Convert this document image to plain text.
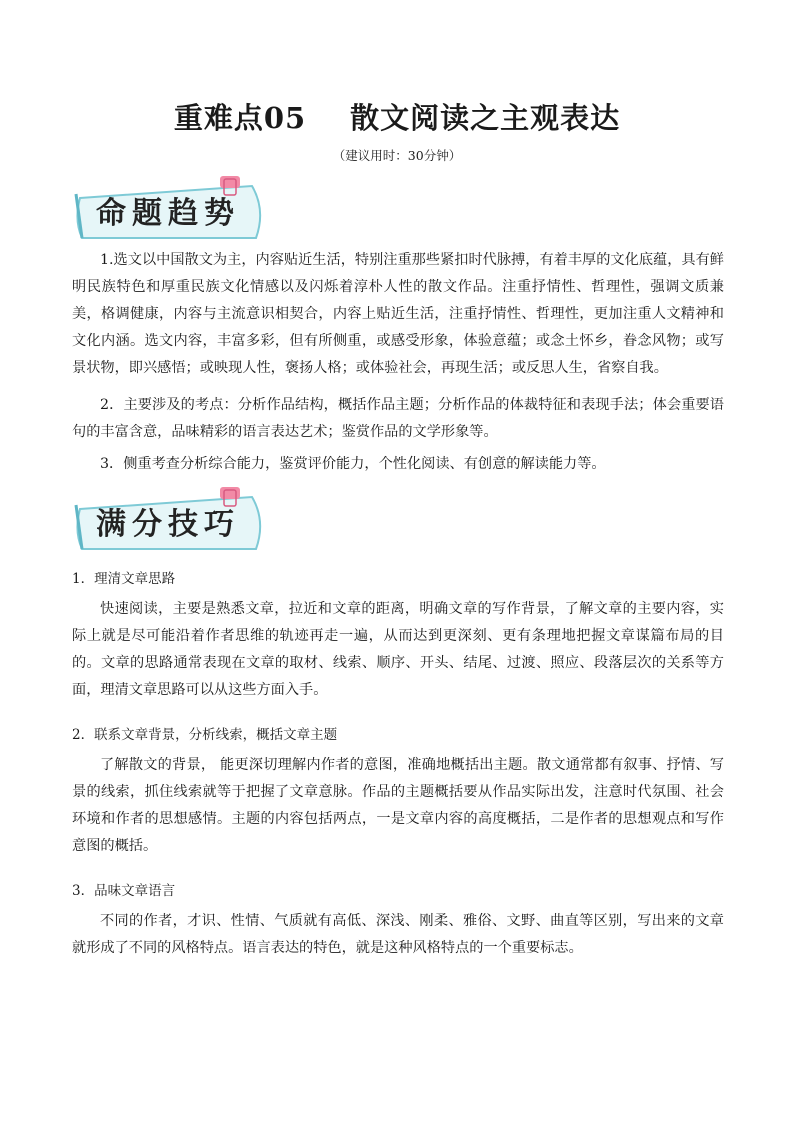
重难点05 散文阅读之主观表达
（建议用时：30分钟）
命题趋势
1.选文以中国散文为主，内容贴近生活，特别注重那些紧扣时代脉搏，有着丰厚的文化底蕴，具有鲜明民族特色和厚重民族文化情感以及闪烁着淳朴人性的散文作品。注重抒情性、哲理性，强调文质兼美，格调健康，内容与主流意识相契合，内容上贴近生活，注重抒情性、哲理性，更加注重人文精神和文化内涵。选文内容，丰富多彩，但有所侧重，或感受形象，体验意蕴；或念土怀乡，眷念风物；或写景状物，即兴感悟；或映现人性，褒扬人格；或体验社会，再现生活；或反思人生，省察自我。
2．主要涉及的考点：分析作品结构，概括作品主题；分析作品的体裁特征和表现手法；体会重要语句的丰富含意，品味精彩的语言表达艺术；鉴赏作品的文学形象等。
3．侧重考查分析综合能力，鉴赏评价能力，个性化阅读、有创意的解读能力等。
满分技巧
1．理清文章思路
快速阅读，主要是熟悉文章，拉近和文章的距离，明确文章的写作背景，了解文章的主要内容，实际上就是尽可能沿着作者思维的轨迹再走一遍，从而达到更深刻、更有条理地把握文章谋篇布局的目的。文章的思路通常表现在文章的取材、线索、顺序、开头、结尾、过渡、照应、段落层次的关系等方面，理清文章思路可以从这些方面入手。
2．联系文章背景，分析线索，概括文章主题
了解散文的背景， 能更深切理解内作者的意图，准确地概括出主题。散文通常都有叙事、抒情、写景的线索，抓住线索就等于把握了文章意脉。作品的主题概括要从作品实际出发，注意时代氛围、社会环境和作者的思想感情。主题的内容包括两点，一是文章内容的高度概括，二是作者的思想观点和写作意图的概括。
3．品味文章语言
不同的作者，才识、性情、气质就有高低、深浅、刚柔、雅俗、文野、曲直等区别，写出来的文章就形成了不同的风格特点。语言表达的特色，就是这种风格特点的一个重要标志。
